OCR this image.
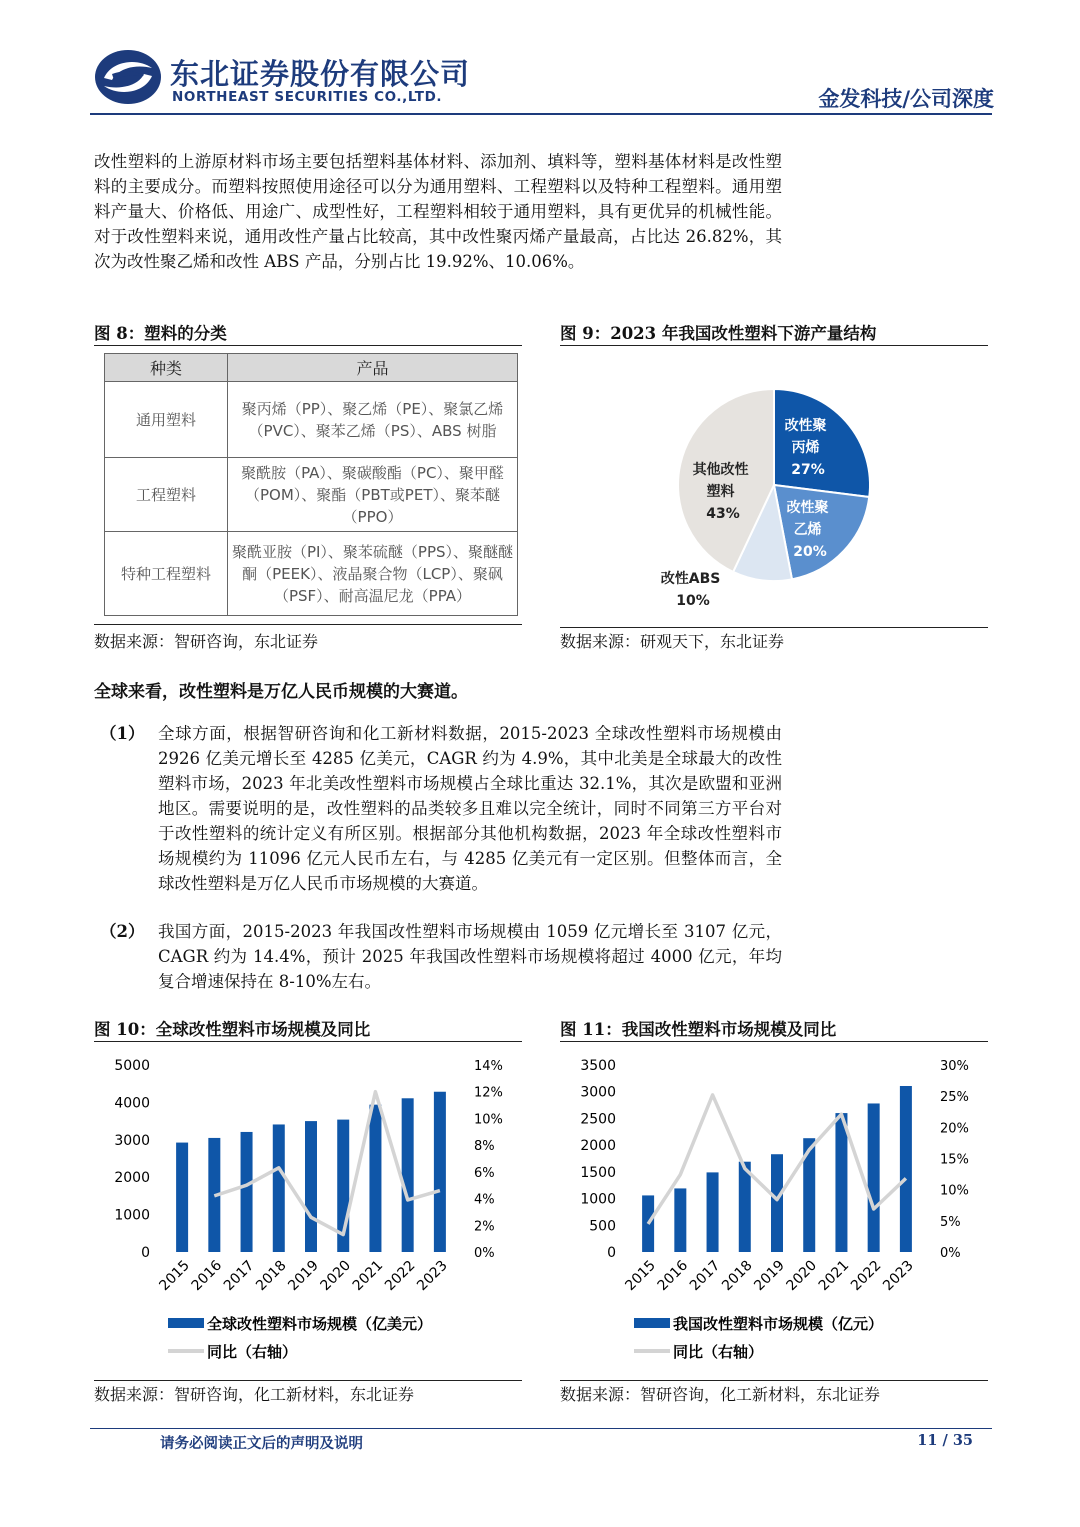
东北证券股份有限公司
NORTHEAST SECURITIES CO.,LTD.	金发科技/公司深度

改性塑料的上游原材料市场主要包括塑料基体材料、添加剂、填料等，塑料基体材料是改性塑料的主要成分。而塑料按照使用途径可以分为通用塑料、工程塑料以及特种工程塑料。通用塑料产量大、价格低、用途广、成型性好，工程塑料相较于通用塑料，具有更优异的机械性能。对于改性塑料来说，通用改性产量占比较高，其中改性聚丙烯产量最高，占比达 26.82%，其次为改性聚乙烯和改性 ABS 产品，分别占比 19.92%、10.06%。

图 8：塑料的分类
种类	产品
通用塑料	聚丙烯（PP）、聚乙烯（PE）、聚氯乙烯（PVC）、聚苯乙烯（PS）、ABS 树脂
工程塑料	聚酰胺（PA）、聚碳酸酯（PC）、聚甲醛（POM）、聚酯（PBT或PET）、聚苯醚（PPO）
特种工程塑料	聚酰亚胺（PI）、聚苯硫醚（PPS）、聚醚醚酮（PEEK）、液晶聚合物（LCP）、聚砜（PSF）、耐高温尼龙（PPA）
数据来源：智研咨询，东北证券
图 9：2023 年我国改性塑料下游产量结构
改性聚 丙烯 27%
改性聚 乙烯 20%
改性ABS 10%
其他改性 塑料 43%
数据来源：研观天下，东北证券
全球来看，改性塑料是万亿人民币规模的大赛道。
（1） 全球方面，根据智研咨询和化工新材料数据，2015-2023 全球改性塑料市场规模由 2926 亿美元增长至 4285 亿美元，CAGR 约为 4.9%，其中北美是全球最大的改性塑料市场，2023 年北美改性塑料市场规模占全球比重达 32.1%，其次是欧盟和亚洲地区。需要说明的是，改性塑料的品类较多且难以完全统计，同时不同第三方平台对于改性塑料的统计定义有所区别。根据部分其他机构数据，2023 年全球改性塑料市场规模约为 11096 亿元人民币左右，与 4285 亿美元有一定区别。但整体而言，全球改性塑料是万亿人民币市场规模的大赛道。
（2） 我国方面，2015-2023 年我国改性塑料市场规模由 1059 亿元增长至 3107 亿元，CAGR 约为 14.4%，预计 2025 年我国改性塑料市场规模将超过 4000 亿元，年均复合增速保持在 8-10%左右。
图 10：全球改性塑料市场规模及同比
0
1000
2000
3000
4000
5000
0%
2%
4%
6%
8%
10%
12%
14%
2015
2016
2017
2018
2019
2020
2021
2022
2023
全球改性塑料市场规模（亿美元）
同比（右轴）
数据来源：智研咨询，化工新材料，东北证券
图 11：我国改性塑料市场规模及同比
0
500
1000
1500
2000
2500
3000
3500
0%
5%
10%
15%
20%
25%
30%
2015
2016
2017
2018
2019
2020
2021
2022
2023
我国改性塑料市场规模（亿元）
同比（右轴）
数据来源：智研咨询，化工新材料，东北证券
请务必阅读正文后的声明及说明	11 / 35
